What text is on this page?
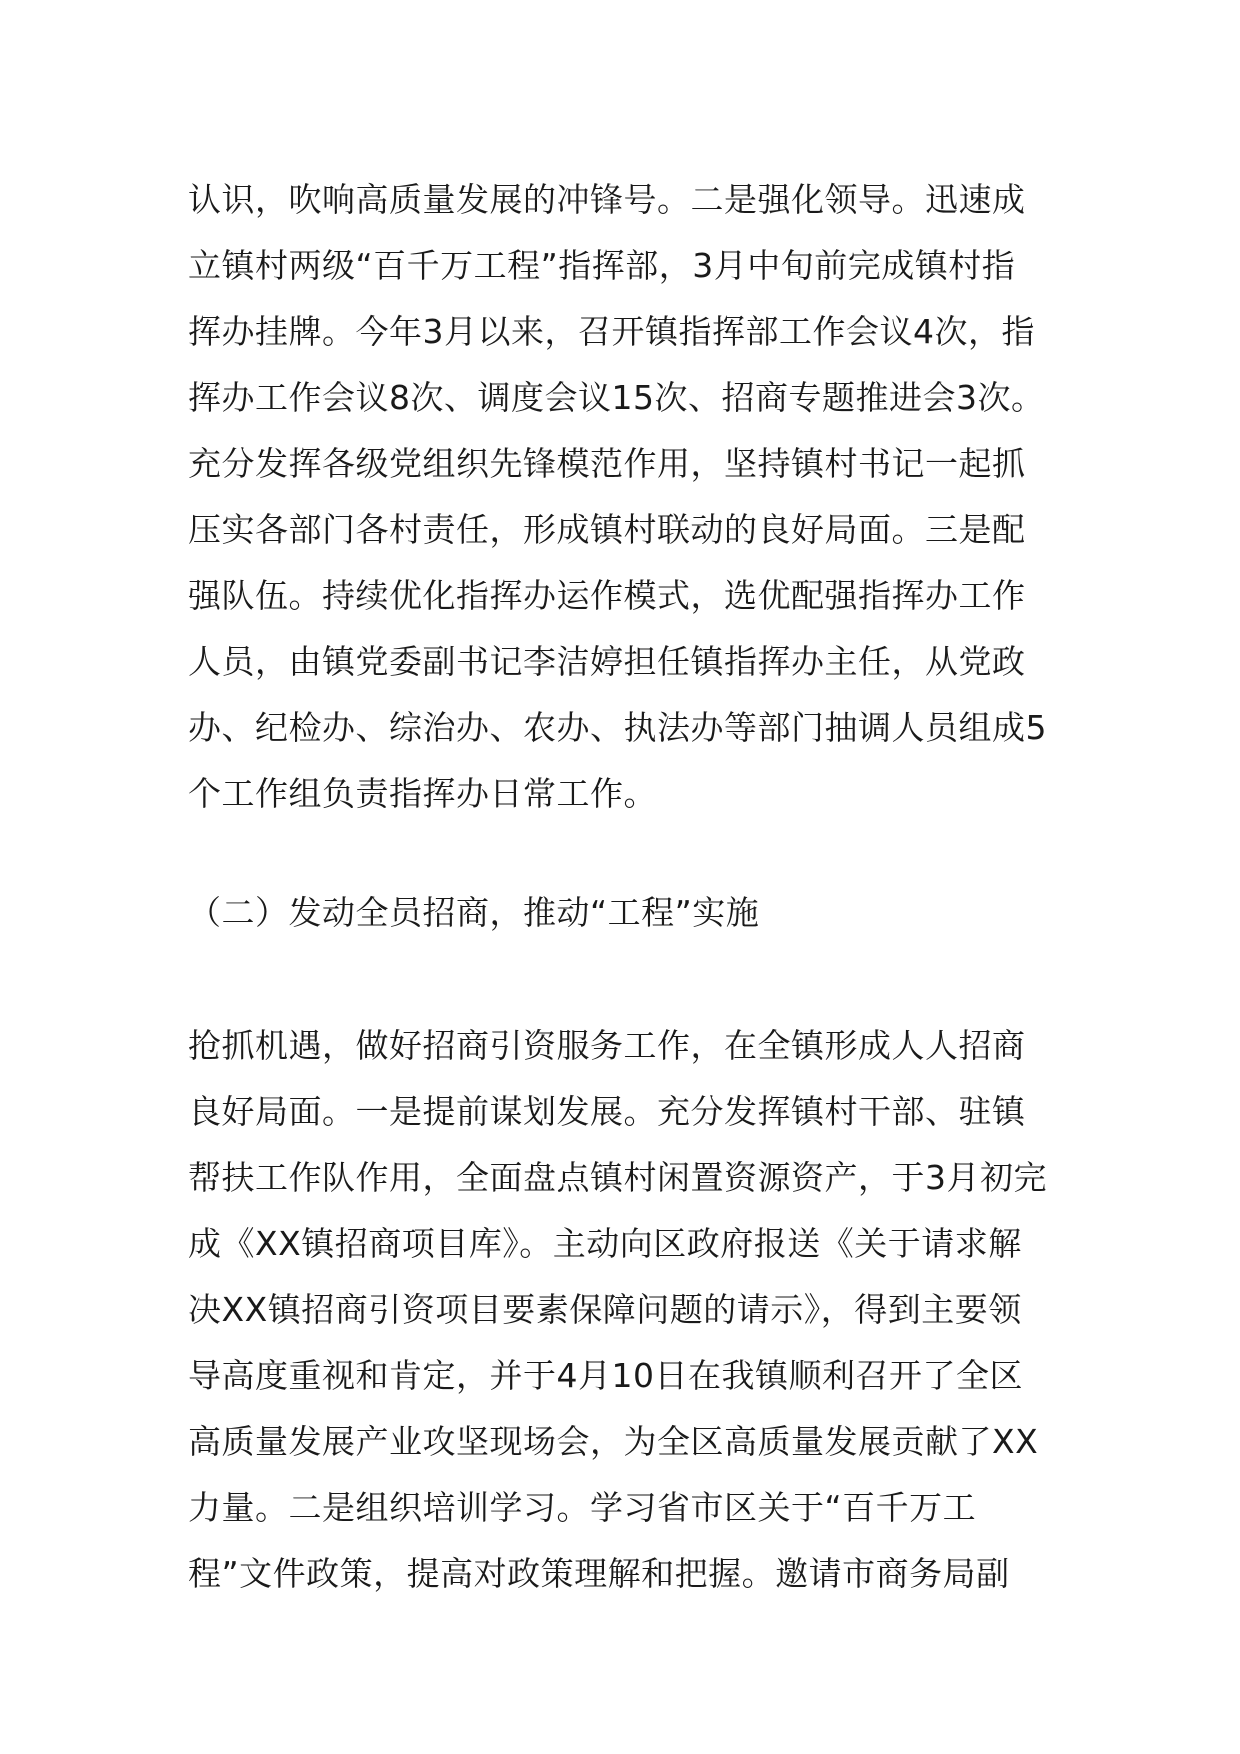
认识，吹响高质量发展的冲锋号。二是强化领导。迅速成
立镇村两级“百千万工程”指挥部，3月中旬前完成镇村指
挥办挂牌。今年3月以来，召开镇指挥部工作会议4次，指
挥办工作会议8次、调度会议15次、招商专题推进会3次。
充分发挥各级党组织先锋模范作用，坚持镇村书记一起抓
压实各部门各村责任，形成镇村联动的良好局面。三是配
强队伍。持续优化指挥办运作模式，选优配强指挥办工作
人员，由镇党委副书记李洁婷担任镇指挥办主任，从党政
办、纪检办、综治办、农办、执法办等部门抽调人员组成5
个工作组负责指挥办日常工作。
（二）发动全员招商，推动“工程”实施
抢抓机遇，做好招商引资服务工作，在全镇形成人人招商
良好局面。一是提前谋划发展。充分发挥镇村干部、驻镇
帮扶工作队作用，全面盘点镇村闲置资源资产，于3月初完
成《XX镇招商项目库》。主动向区政府报送《关于请求解
决XX镇招商引资项目要素保障问题的请示》，得到主要领
导高度重视和肯定，并于4月10日在我镇顺利召开了全区
高质量发展产业攻坚现场会，为全区高质量发展贡献了XX
力量。二是组织培训学习。学习省市区关于“百千万工
程”文件政策，提高对政策理解和把握。邀请市商务局副
